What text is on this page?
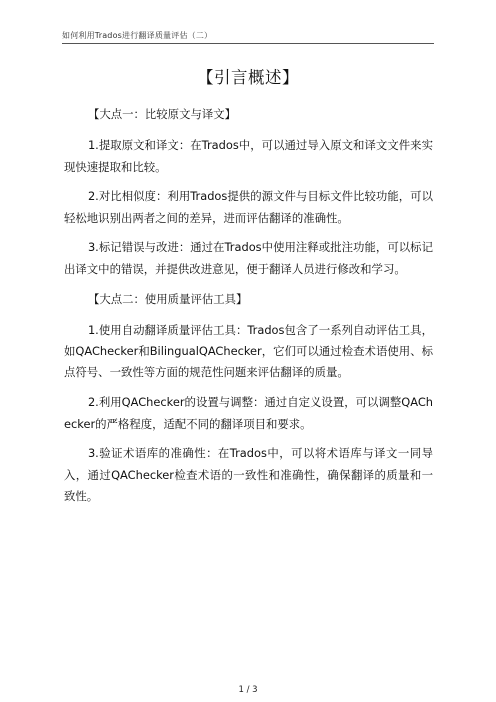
如何利用Trados进行翻译质量评估（二）
【引言概述】

【大点一：比较原文与译文】

1.提取原文和译文：在Trados中，可以通过导入原文和译文文件来实现快速提取和比较。

2.对比相似度：利用Trados提供的源文件与目标文件比较功能，可以轻松地识别出两者之间的差异，进而评估翻译的准确性。

3.标记错误与改进：通过在Trados中使用注释或批注功能，可以标记出译文中的错误，并提供改进意见，便于翻译人员进行修改和学习。

【大点二：使用质量评估工具】

1.使用自动翻译质量评估工具：Trados包含了一系列自动评估工具，如QAChecker和BilingualQAChecker，它们可以通过检查术语使用、标点符号、一致性等方面的规范性问题来评估翻译的质量。

2.利用QAChecker的设置与调整：通过自定义设置，可以调整QAChecker的严格程度，适配不同的翻译项目和要求。

3.验证术语库的准确性：在Trados中，可以将术语库与译文一同导入，通过QAChecker检查术语的一致性和准确性，确保翻译的质量和一致性。

1 / 3
